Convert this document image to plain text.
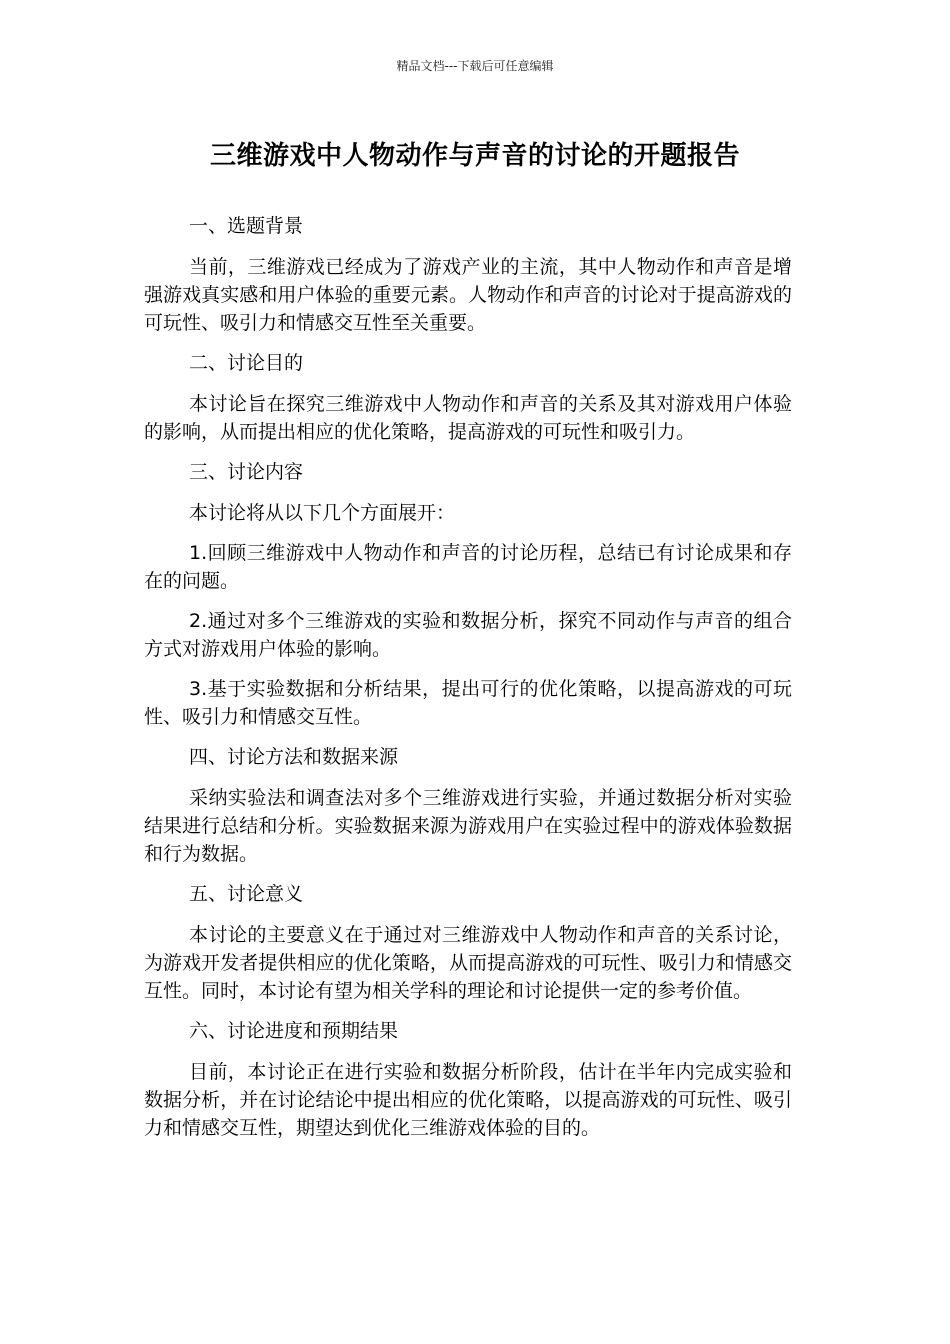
精品文档---下载后可任意编辑
三维游戏中人物动作与声音的讨论的开题报告

一、选题背景

当前，三维游戏已经成为了游戏产业的主流，其中人物动作和声音是增强游戏真实感和用户体验的重要元素。人物动作和声音的讨论对于提高游戏的可玩性、吸引力和情感交互性至关重要。

二、讨论目的

本讨论旨在探究三维游戏中人物动作和声音的关系及其对游戏用户体验的影响，从而提出相应的优化策略，提高游戏的可玩性和吸引力。

三、讨论内容

本讨论将从以下几个方面展开：

1.回顾三维游戏中人物动作和声音的讨论历程，总结已有讨论成果和存在的问题。

2.通过对多个三维游戏的实验和数据分析，探究不同动作与声音的组合方式对游戏用户体验的影响。

3.基于实验数据和分析结果，提出可行的优化策略，以提高游戏的可玩性、吸引力和情感交互性。

四、讨论方法和数据来源

采纳实验法和调查法对多个三维游戏进行实验，并通过数据分析对实验结果进行总结和分析。实验数据来源为游戏用户在实验过程中的游戏体验数据和行为数据。

五、讨论意义

本讨论的主要意义在于通过对三维游戏中人物动作和声音的关系讨论，为游戏开发者提供相应的优化策略，从而提高游戏的可玩性、吸引力和情感交互性。同时，本讨论有望为相关学科的理论和讨论提供一定的参考价值。

六、讨论进度和预期结果

目前，本讨论正在进行实验和数据分析阶段，估计在半年内完成实验和数据分析，并在讨论结论中提出相应的优化策略，以提高游戏的可玩性、吸引力和情感交互性，期望达到优化三维游戏体验的目的。
